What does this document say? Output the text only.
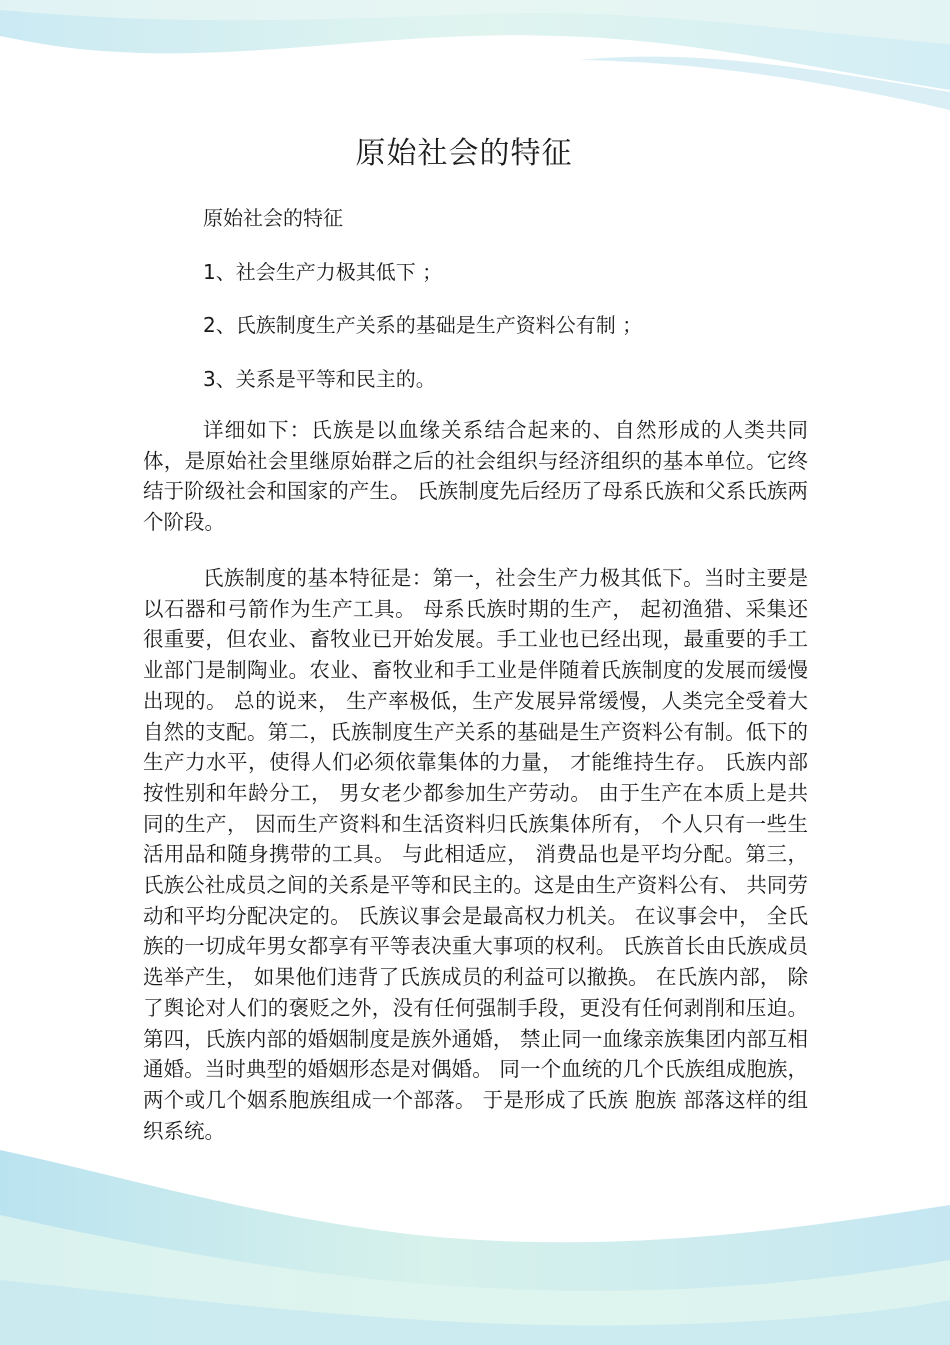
原始社会的特征

原始社会的特征

1、社会生产力极其低下 ；

2、氏族制度生产关系的基础是生产资料公有制 ；

3、关系是平等和民主的。

详细如下：氏族是以血缘关系结合起来的、自然形成的人类共同体，是原始社会里继原始群之后的社会组织与经济组织的基本单位。它终结于阶级社会和国家的产生。 氏族制度先后经历了母系氏族和父系氏族两个阶段。

氏族制度的基本特征是：第一，社会生产力极其低下。当时主要是以石器和弓箭作为生产工具。 母系氏族时期的生产， 起初渔猎、采集还很重要，但农业、畜牧业已开始发展。手工业也已经出现，最重要的手工业部门是制陶业。农业、畜牧业和手工业是伴随着氏族制度的发展而缓慢出现的。 总的说来， 生产率极低，生产发展异常缓慢，人类完全受着大自然的支配。第二，氏族制度生产关系的基础是生产资料公有制。低下的生产力水平，使得人们必须依靠集体的力量， 才能维持生存。 氏族内部按性别和年龄分工， 男女老少都参加生产劳动。 由于生产在本质上是共同的生产， 因而生产资料和生活资料归氏族集体所有， 个人只有一些生活用品和随身携带的工具。 与此相适应， 消费品也是平均分配。第三，氏族公社成员之间的关系是平等和民主的。这是由生产资料公有、 共同劳动和平均分配决定的。 氏族议事会是最高权力机关。 在议事会中， 全氏族的一切成年男女都享有平等表决重大事项的权利。 氏族首长由氏族成员选举产生， 如果他们违背了氏族成员的利益可以撤换。 在氏族内部， 除了舆论对人们的褒贬之外，没有任何强制手段，更没有任何剥削和压迫。第四，氏族内部的婚姻制度是族外通婚， 禁止同一血缘亲族集团内部互相通婚。当时典型的婚姻形态是对偶婚。 同一个血统的几个氏族组成胞族，两个或几个姻系胞族组成一个部落。 于是形成了氏族 胞族 部落这样的组织系统。
